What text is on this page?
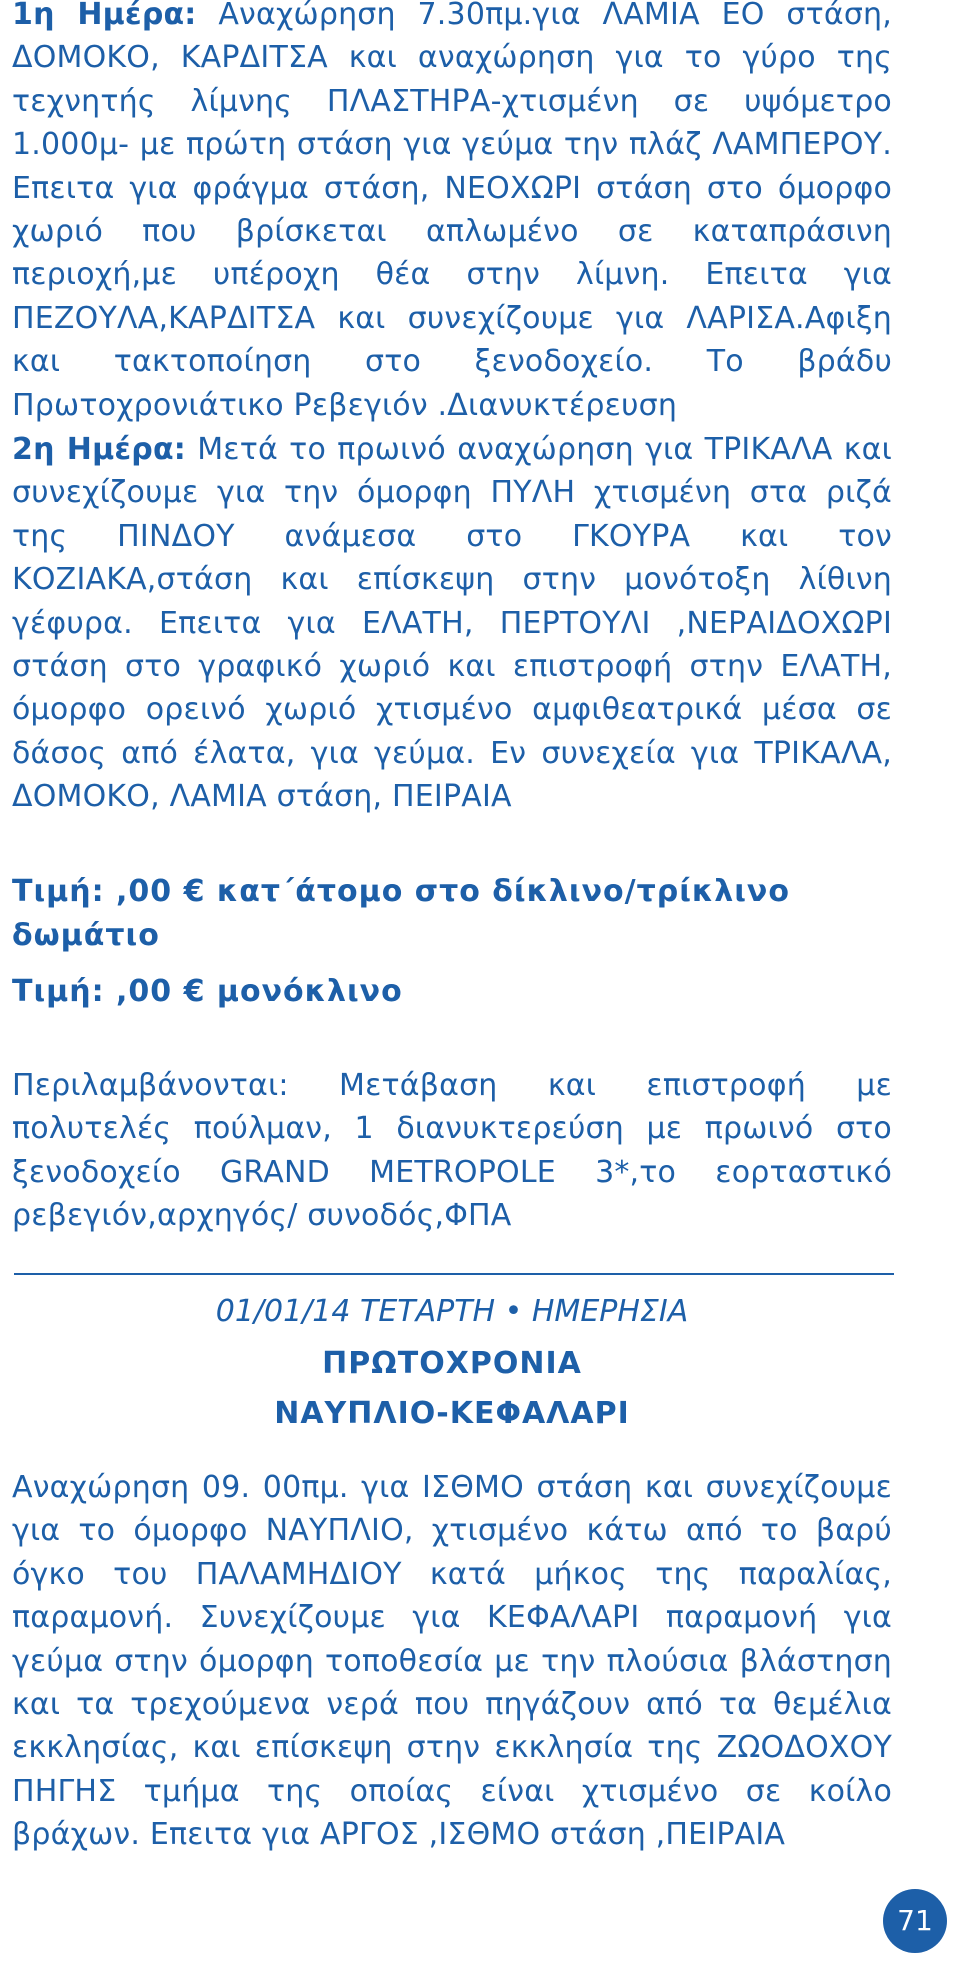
1η Ημέρα: Αναχώρηση 7.30πμ.για ΛΑΜΙΑ ΕΟ στάση, ΔΟΜΟΚΟ, ΚΑΡΔΙΤΣΑ και αναχώρηση για το γύρο της τεχνητής λίμνης ΠΛΑΣΤΗΡΑ-χτισμένη σε υψόμετρο 1.000μ- με πρώτη στάση για γεύμα την πλάζ ΛΑΜΠΕΡΟΥ. Επειτα για φράγμα στάση, ΝΕΟΧΩΡΙ στάση στο όμορφο χωριό που βρίσκεται απλωμένο σε καταπράσινη περιοχή,με υπέροχη θέα στην λίμνη. Επειτα για ΠΕΖΟΥΛΑ,ΚΑΡΔΙΤΣΑ και συνεχίζουμε για ΛΑΡΙΣΑ.Αφιξη και τακτοποίηση στο ξενοδοχείο. Το βράδυ Πρωτοχρονιάτικο Ρεβεγιόν .Διανυκτέρευση

2η Ημέρα: Μετά το πρωινό αναχώρηση για ΤΡΙΚΑΛΑ και συνεχίζουμε για την όμορφη ΠΥΛΗ χτισμένη στα ριζά της ΠΙΝΔΟΥ ανάμεσα στο ΓΚΟΥΡΑ και τον ΚΟΖΙΑΚΑ,στάση και επίσκεψη στην μονότοξη λίθινη γέφυρα. Επειτα για ΕΛΑΤΗ, ΠΕΡΤΟΥΛΙ ,ΝΕΡΑΙΔΟΧΩΡΙ στάση στο γραφικό χωριό και επιστροφή στην ΕΛΑΤΗ, όμορφο ορεινό χωριό χτισμένο αμφιθεατρικά μέσα σε δάσος από έλατα, για γεύμα. Εν συνεχεία για ΤΡΙΚΑΛΑ, ΔΟΜΟΚΟ, ΛΑΜΙΑ στάση, ΠΕΙΡΑΙΑ

Τιμή: ,00 € κατ΄άτομο στο δίκλινο/τρίκλινο δωμάτιο
Τιμή: ,00 € μονόκλινο

Περιλαμβάνονται: Μετάβαση και επιστροφή με πολυτελές πούλμαν, 1 διανυκτερεύση με πρωινό στο ξενοδοχείο GRAND METROPOLE 3*,το εορταστικό ρεβεγιόν,αρχηγός/ συνοδός,ΦΠΑ

01/01/14 ΤΕΤΑΡΤΗ • ΗΜΕΡΗΣΙΑ
ΠΡΩΤΟΧΡΟΝΙΑ
ΝΑΥΠΛΙΟ-ΚΕΦΑΛΑΡΙ

Αναχώρηση 09. 00πμ. για ΙΣΘΜΟ στάση και συνεχίζουμε για το όμορφο ΝΑΥΠΛΙΟ, χτισμένο κάτω από το βαρύ όγκο του ΠΑΛΑΜΗΔΙΟΥ κατά μήκος της παραλίας, παραμονή. Συνεχίζουμε για ΚΕΦΑΛΑΡΙ παραμονή για γεύμα στην όμορφη τοποθεσία με την πλούσια βλάστηση και τα τρεχούμενα νερά που πηγάζουν από τα θεμέλια εκκλησίας, και επίσκεψη στην εκκλησία της ΖΩΟΔΟΧΟΥ ΠΗΓΗΣ τμήμα της οποίας είναι χτισμένο σε κοίλο βράχων. Επειτα για ΑΡΓΟΣ ,ΙΣΘΜΟ στάση ,ΠΕΙΡΑΙΑ

71
